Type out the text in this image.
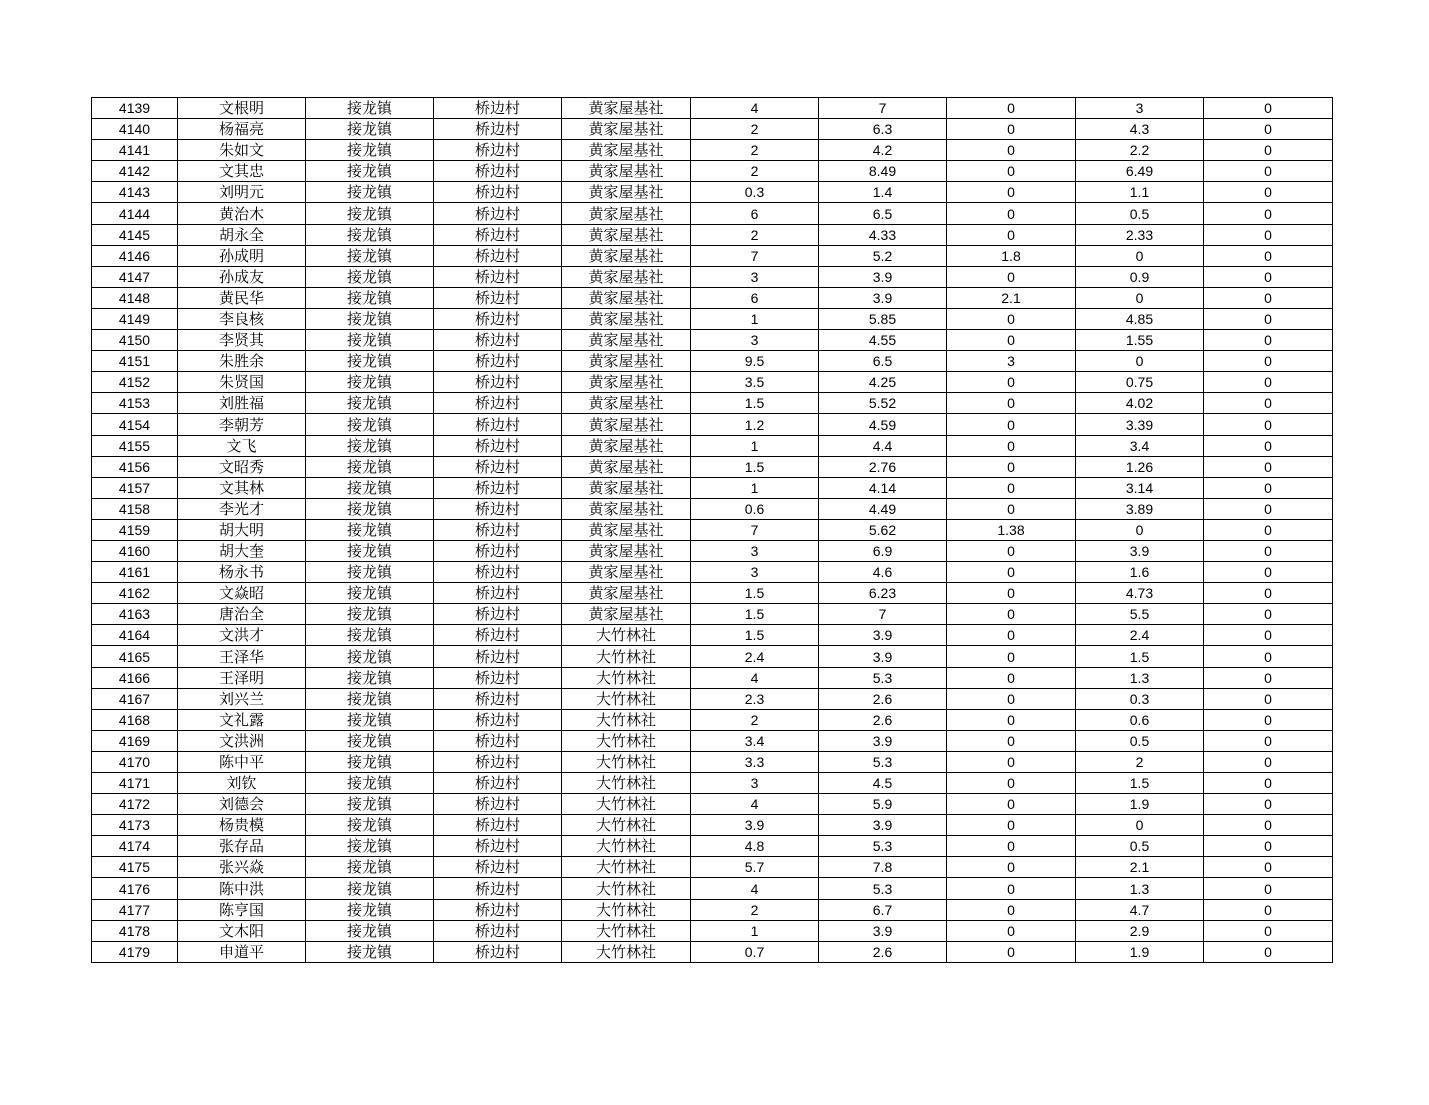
4139	文根明	接龙镇	桥边村	黄家屋基社	4	7	0	3	0
4140	杨福亮	接龙镇	桥边村	黄家屋基社	2	6.3	0	4.3	0
4141	朱如文	接龙镇	桥边村	黄家屋基社	2	4.2	0	2.2	0
4142	文其忠	接龙镇	桥边村	黄家屋基社	2	8.49	0	6.49	0
4143	刘明元	接龙镇	桥边村	黄家屋基社	0.3	1.4	0	1.1	0
4144	黄治木	接龙镇	桥边村	黄家屋基社	6	6.5	0	0.5	0
4145	胡永全	接龙镇	桥边村	黄家屋基社	2	4.33	0	2.33	0
4146	孙成明	接龙镇	桥边村	黄家屋基社	7	5.2	1.8	0	0
4147	孙成友	接龙镇	桥边村	黄家屋基社	3	3.9	0	0.9	0
4148	黄民华	接龙镇	桥边村	黄家屋基社	6	3.9	2.1	0	0
4149	李良核	接龙镇	桥边村	黄家屋基社	1	5.85	0	4.85	0
4150	李贤其	接龙镇	桥边村	黄家屋基社	3	4.55	0	1.55	0
4151	朱胜余	接龙镇	桥边村	黄家屋基社	9.5	6.5	3	0	0
4152	朱贤国	接龙镇	桥边村	黄家屋基社	3.5	4.25	0	0.75	0
4153	刘胜福	接龙镇	桥边村	黄家屋基社	1.5	5.52	0	4.02	0
4154	李朝芳	接龙镇	桥边村	黄家屋基社	1.2	4.59	0	3.39	0
4155	文飞	接龙镇	桥边村	黄家屋基社	1	4.4	0	3.4	0
4156	文昭秀	接龙镇	桥边村	黄家屋基社	1.5	2.76	0	1.26	0
4157	文其林	接龙镇	桥边村	黄家屋基社	1	4.14	0	3.14	0
4158	李光才	接龙镇	桥边村	黄家屋基社	0.6	4.49	0	3.89	0
4159	胡大明	接龙镇	桥边村	黄家屋基社	7	5.62	1.38	0	0
4160	胡大奎	接龙镇	桥边村	黄家屋基社	3	6.9	0	3.9	0
4161	杨永书	接龙镇	桥边村	黄家屋基社	3	4.6	0	1.6	0
4162	文焱昭	接龙镇	桥边村	黄家屋基社	1.5	6.23	0	4.73	0
4163	唐治全	接龙镇	桥边村	黄家屋基社	1.5	7	0	5.5	0
4164	文洪才	接龙镇	桥边村	大竹林社	1.5	3.9	0	2.4	0
4165	王泽华	接龙镇	桥边村	大竹林社	2.4	3.9	0	1.5	0
4166	王泽明	接龙镇	桥边村	大竹林社	4	5.3	0	1.3	0
4167	刘兴兰	接龙镇	桥边村	大竹林社	2.3	2.6	0	0.3	0
4168	文礼露	接龙镇	桥边村	大竹林社	2	2.6	0	0.6	0
4169	文洪洲	接龙镇	桥边村	大竹林社	3.4	3.9	0	0.5	0
4170	陈中平	接龙镇	桥边村	大竹林社	3.3	5.3	0	2	0
4171	刘钦	接龙镇	桥边村	大竹林社	3	4.5	0	1.5	0
4172	刘德会	接龙镇	桥边村	大竹林社	4	5.9	0	1.9	0
4173	杨贵模	接龙镇	桥边村	大竹林社	3.9	3.9	0	0	0
4174	张存品	接龙镇	桥边村	大竹林社	4.8	5.3	0	0.5	0
4175	张兴焱	接龙镇	桥边村	大竹林社	5.7	7.8	0	2.1	0
4176	陈中洪	接龙镇	桥边村	大竹林社	4	5.3	0	1.3	0
4177	陈亨国	接龙镇	桥边村	大竹林社	2	6.7	0	4.7	0
4178	文木阳	接龙镇	桥边村	大竹林社	1	3.9	0	2.9	0
4179	申道平	接龙镇	桥边村	大竹林社	0.7	2.6	0	1.9	0
